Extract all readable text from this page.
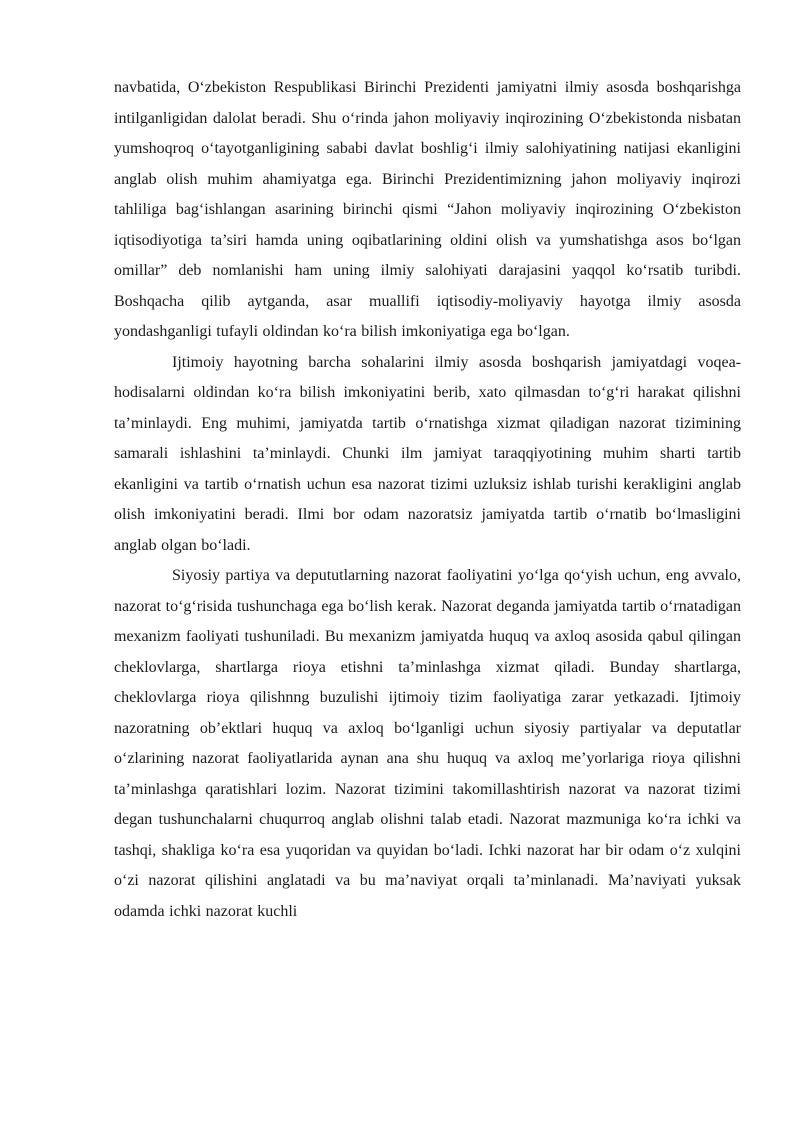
navbatida, O‘zbekiston Respublikasi Birinchi Prezidenti jamiyatni ilmiy asosda boshqarishga intilganligidan dalolat beradi. Shu o‘rinda jahon moliyaviy inqirozining O‘zbekistonda nisbatan yumshoqroq o‘tayotganligining sababi davlat boshlig‘i ilmiy salohiyatining natijasi ekanligini anglab olish muhim ahamiyatga ega. Birinchi Prezidentimizning jahon moliyaviy inqirozi tahliliga bag‘ishlangan asarining birinchi qismi “Jahon moliyaviy inqirozining O‘zbekiston iqtisodiyotiga ta’siri hamda uning oqibatlarining oldini olish va yumshatishga asos bo‘lgan omillar” deb nomlanishi ham uning ilmiy salohiyati darajasini yaqqol ko‘rsatib turibdi. Boshqacha qilib aytganda, asar muallifi iqtisodiy-moliyaviy hayotga ilmiy asosda yondashganligi tufayli oldindan ko‘ra bilish imkoniyatiga ega bo‘lgan.

Ijtimoiy hayotning barcha sohalarini ilmiy asosda boshqarish jamiyatdagi voqea-hodisalarni oldindan ko‘ra bilish imkoniyatini berib, xato qilmasdan to‘g‘ri harakat qilishni ta’minlaydi. Eng muhimi, jamiyatda tartib o‘rnatishga xizmat qiladigan nazorat tizimining samarali ishlashini ta’minlaydi. Chunki ilm jamiyat taraqqiyotining muhim sharti tartib ekanligini va tartib o‘rnatish uchun esa nazorat tizimi uzluksiz ishlab turishi kerakligini anglab olish imkoniyatini beradi. Ilmi bor odam nazoratsiz jamiyatda tartib o‘rnatib bo‘lmasligini anglab olgan bo‘ladi.

Siyosiy partiya va depututlarning nazorat faoliyatini yo‘lga qo‘yish uchun, eng avvalo, nazorat to‘g‘risida tushunchaga ega bo‘lish kerak. Nazorat deganda jamiyatda tartib o‘rnatadigan mexanizm faoliyati tushuniladi. Bu mexanizm jamiyatda huquq va axloq asosida qabul qilingan cheklovlarga, shartlarga rioya etishni ta’minlashga xizmat qiladi. Bunday shartlarga, cheklovlarga rioya qilishnng buzulishi ijtimoiy tizim faoliyatiga zarar yetkazadi. Ijtimoiy nazoratning ob’ektlari huquq va axloq bo‘lganligi uchun siyosiy partiyalar va deputatlar o‘zlarining nazorat faoliyatlarida aynan ana shu huquq va axloq me’yorlariga rioya qilishni ta’minlashga qaratishlari lozim. Nazorat tizimini takomillashtirish nazorat va nazorat tizimi degan tushunchalarni chuqurroq anglab olishni talab etadi. Nazorat mazmuniga ko‘ra ichki va tashqi, shakliga ko‘ra esa yuqoridan va quyidan bo‘ladi. Ichki nazorat har bir odam o‘z xulqini o‘zi nazorat qilishini anglatadi va bu ma’naviyat orqali ta’minlanadi. Ma’naviyati yuksak odamda ichki nazorat kuchli
